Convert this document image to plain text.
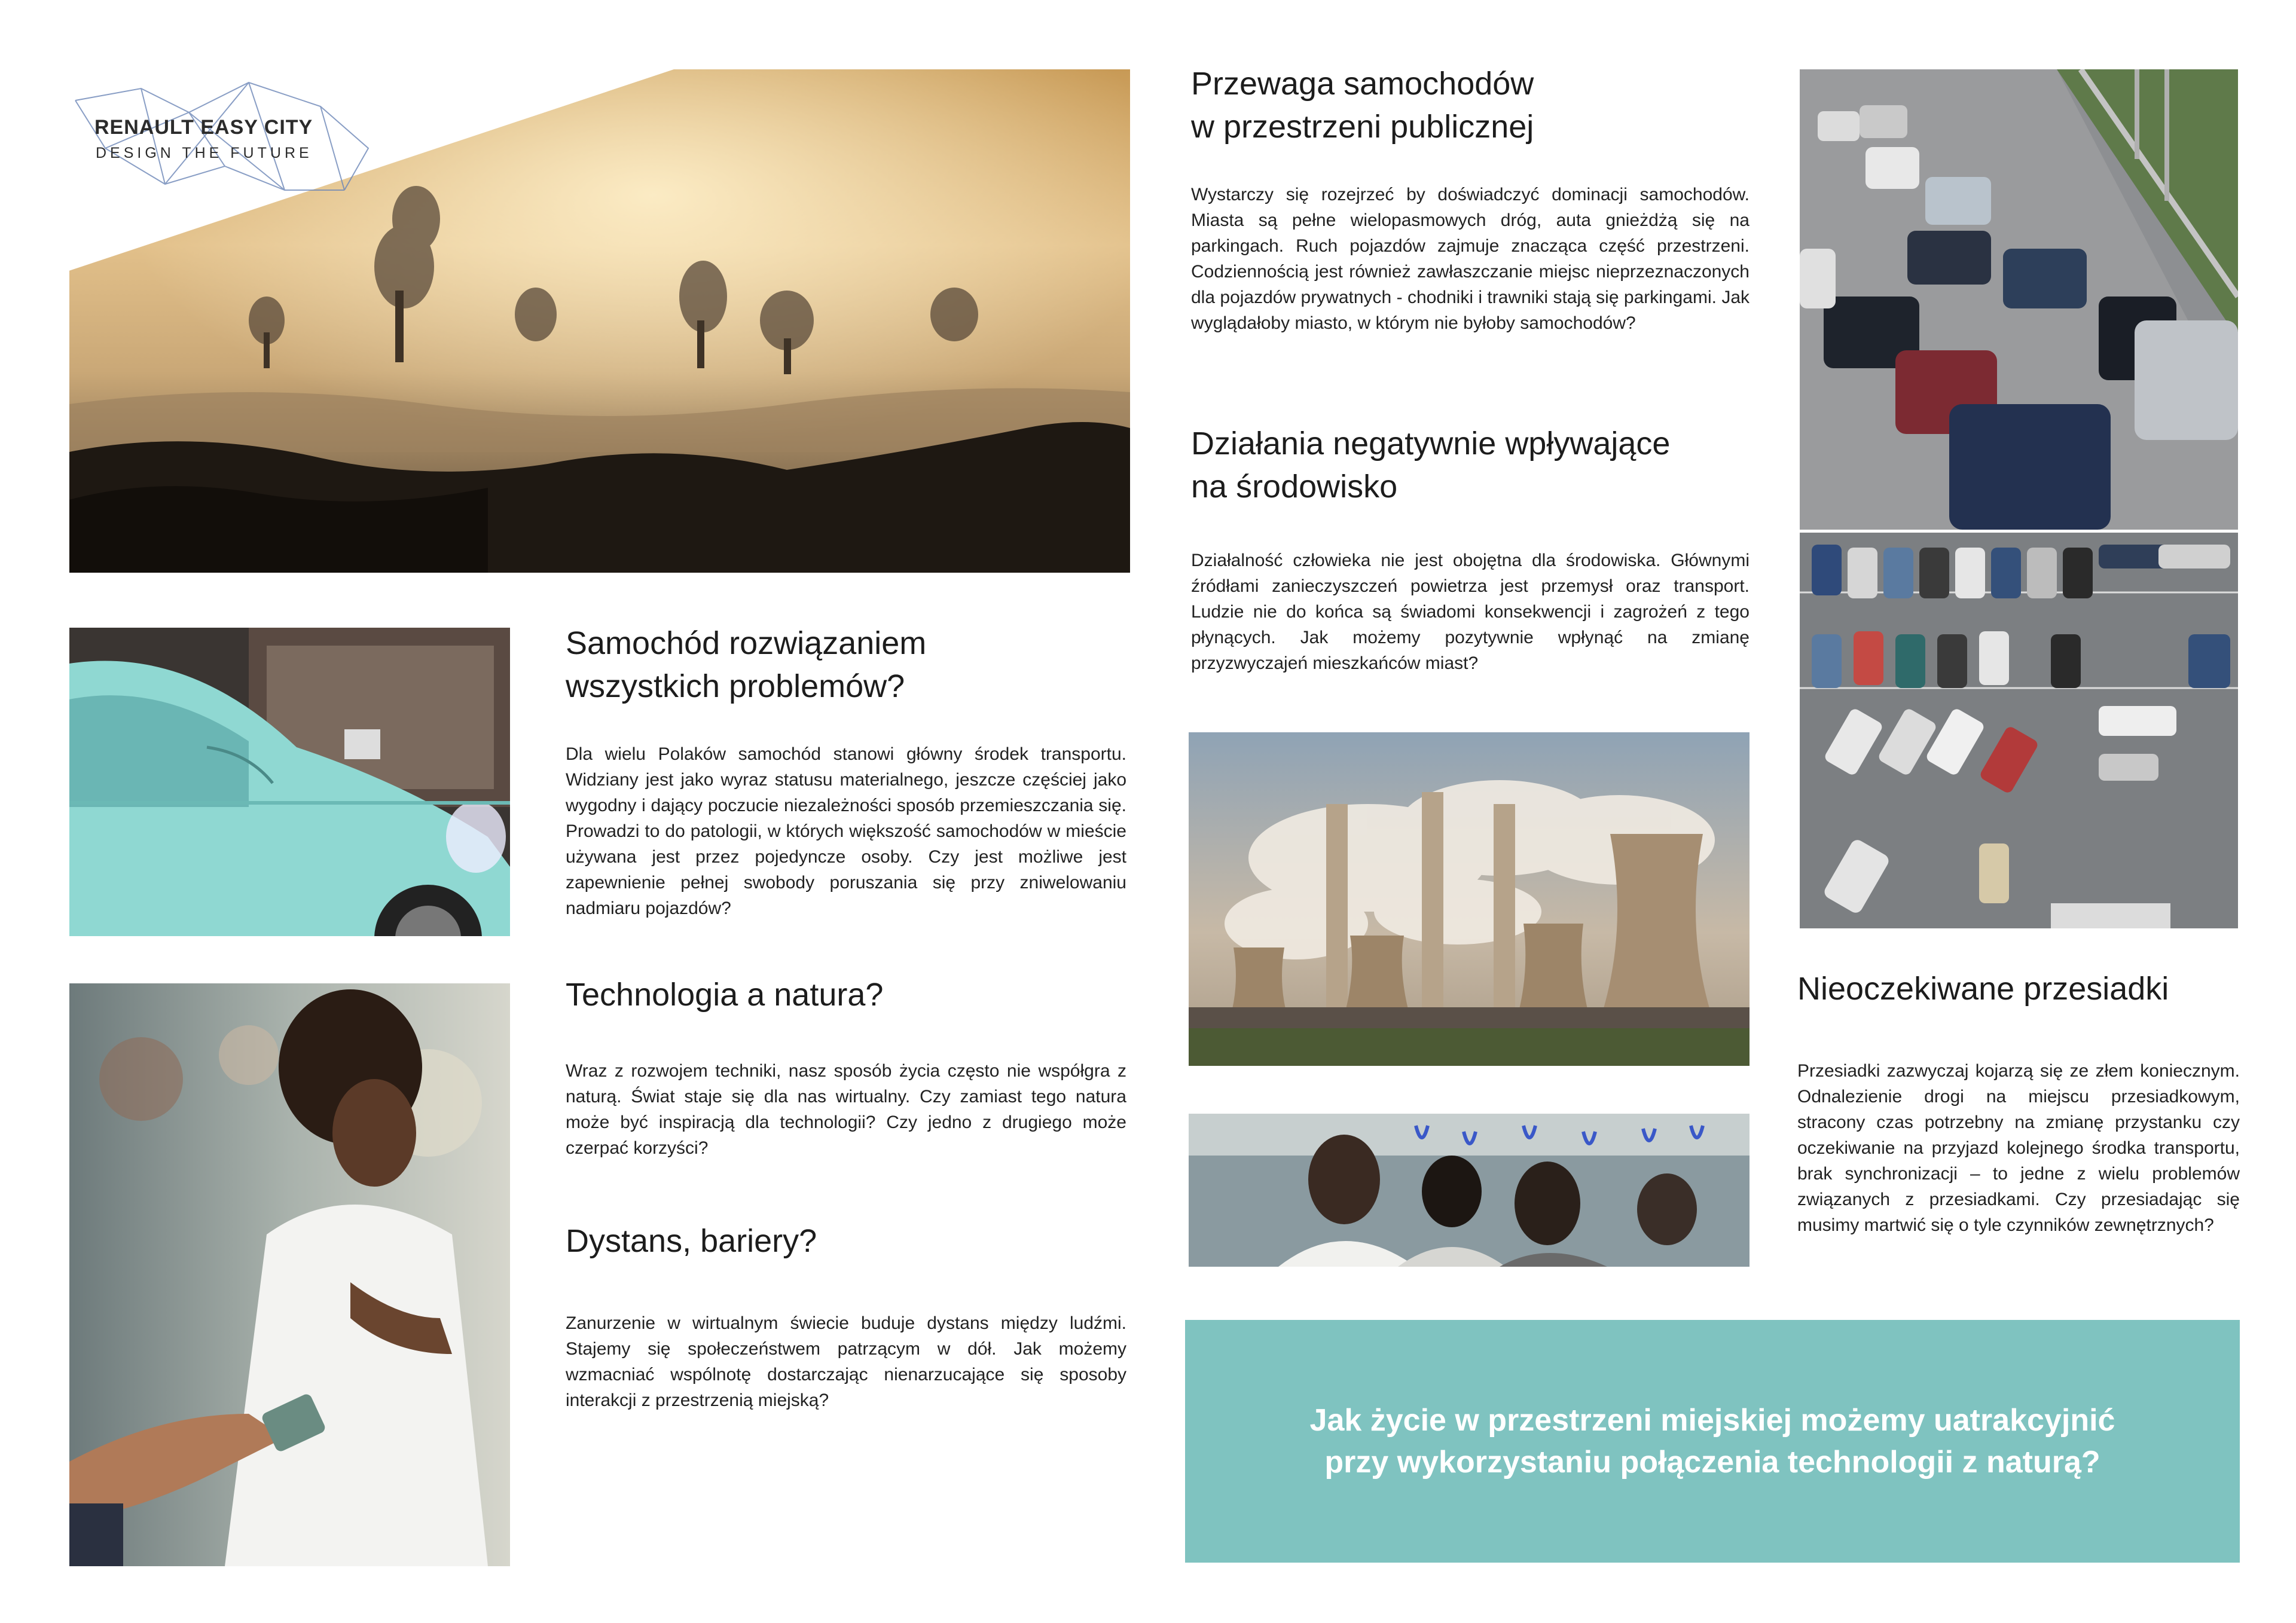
RENAULT EASY CITY
DESIGN THE FUTURE
Samochód rozwiązaniem
wszystkich problemów?

Dla wielu Polaków samochód stanowi główny środek transportu. Widziany jest jako wyraz statusu materialnego, jeszcze częściej jako wygodny i dający poczucie niezależności sposób przemieszczania się. Prowadzi to do patologii, w których większość samochodów w mieście używana jest przez pojedyncze osoby. Czy jest możliwe jest zapewnienie pełnej swobody poruszania się przy zniwelowaniu nadmiaru pojazdów?

Technologia a natura?

Wraz z rozwojem techniki, nasz sposób życia często nie współgra z naturą. Świat staje się dla nas wirtualny. Czy zamiast tego natura może być inspiracją dla technologii? Czy jedno z drugiego może czerpać korzyści?

Dystans, bariery?

Zanurzenie w wirtualnym świecie buduje dystans między ludźmi. Stajemy się społeczeństwem patrzącym w dół. Jak możemy wzmacniać wspólnotę dostarczając nienarzucające się sposoby interakcji z przestrzenią miejską?

Przewaga samochodów
w przestrzeni publicznej

Wystarczy się rozejrzeć by doświadczyć dominacji samochodów. Miasta są pełne wielopasmowych dróg, auta gnieżdżą się na parkingach. Ruch pojazdów zajmuje znacząca część przestrzeni. Codziennością jest również zawłaszczanie miejsc nieprzeznaczonych dla pojazdów prywatnych - chodniki i trawniki stają się parkingami. Jak wyglądałoby miasto, w którym nie byłoby samochodów?

Działania negatywnie wpływające
na środowisko

Działalność człowieka nie jest obojętna dla środowiska. Głównymi źródłami zanieczyszczeń powietrza jest przemysł oraz transport. Ludzie nie do końca są świadomi konsekwencji i zagrożeń z tego płynących. Jak możemy pozytywnie wpłynąć na zmianę przyzwyczajeń mieszkańców miast?

Nieoczekiwane przesiadki

Przesiadki zazwyczaj kojarzą się ze złem koniecznym. Odnalezienie drogi na miejscu przesiadkowym, stracony czas potrzebny na zmianę przystanku czy oczekiwanie na przyjazd kolejnego środka transportu, brak synchronizacji – to jedne z wielu problemów związanych z przesiadkami. Czy przesiadając się musimy martwić się o tyle czynników zewnętrznych?

Jak życie w przestrzeni miejskiej możemy uatrakcyjnić
przy wykorzystaniu połączenia technologii z naturą?
